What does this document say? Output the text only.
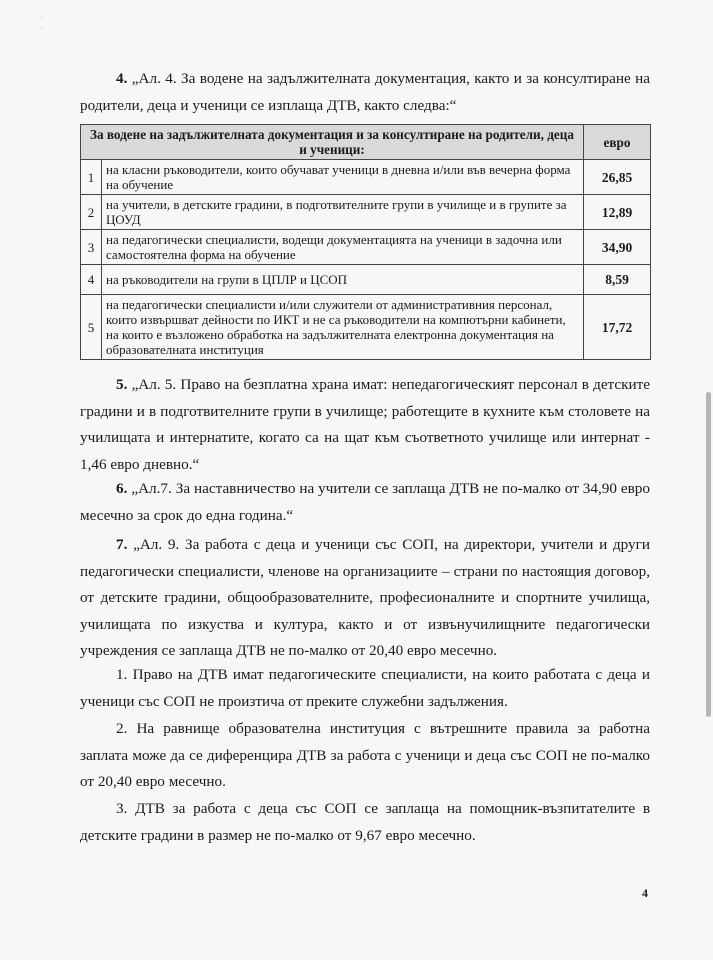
·
·

4. „Ал. 4. За водене на задължителната документация, както и за консултиране на родители, деца и ученици се изплаща ДТВ, както следва:“

За водене на задължителната документация и за консултиране на родители, деца и ученици:		евро
1	на класни ръководители, които обучават ученици в дневна и/или във вечерна форма на обучение	26,85
2	на учители, в детските градини, в подготвителните групи в училище и в групите за ЦОУД	12,89
3	на педагогически специалисти, водещи документацията на ученици в задочна или самостоятелна форма на обучение	34,90
4	на ръководители на групи в ЦПЛР и ЦСОП	8,59
5	на педагогически специалисти и/или служители от административния персонал, които извършват дейности по ИКТ и не са ръководители на компютърни кабинети, на които е възложено обработка на задължителната електронна документация на образователната институция	17,72

5. „Ал. 5. Право на безплатна храна имат: непедагогическият персонал в детските градини и в подготвителните групи в училище; работещите в кухните към столовете на училищата и интернатите, когато са на щат към съответното училище или интернат - 1,46 евро дневно.“

6. „Ал.7. За наставничество на учители се заплаща ДТВ не по-малко от 34,90 евро месечно за срок до една година.“

7. „Ал. 9. За работа с деца и ученици със СОП, на директори, учители и други педагогически специалисти, членове на организациите – страни по настоящия договор, от детските градини, общообразователните, професионалните и спортните училища, училищата по изкуства и култура, както и от извънучилищните педагогически учреждения се заплаща ДТВ не по-малко от 20,40 евро месечно.

1. Право на ДТВ имат педагогическите специалисти, на които работата с деца и ученици със СОП не произтича от преките служебни задължения.

2. На равнище образователна институция с вътрешните правила за работна заплата може да се диференцира ДТВ за работа с ученици и деца със СОП не по-малко от 20,40 евро месечно.

3. ДТВ за работа с деца със СОП се заплаща на помощник-възпитателите в детските градини в размер не по-малко от 9,67 евро месечно.

4
